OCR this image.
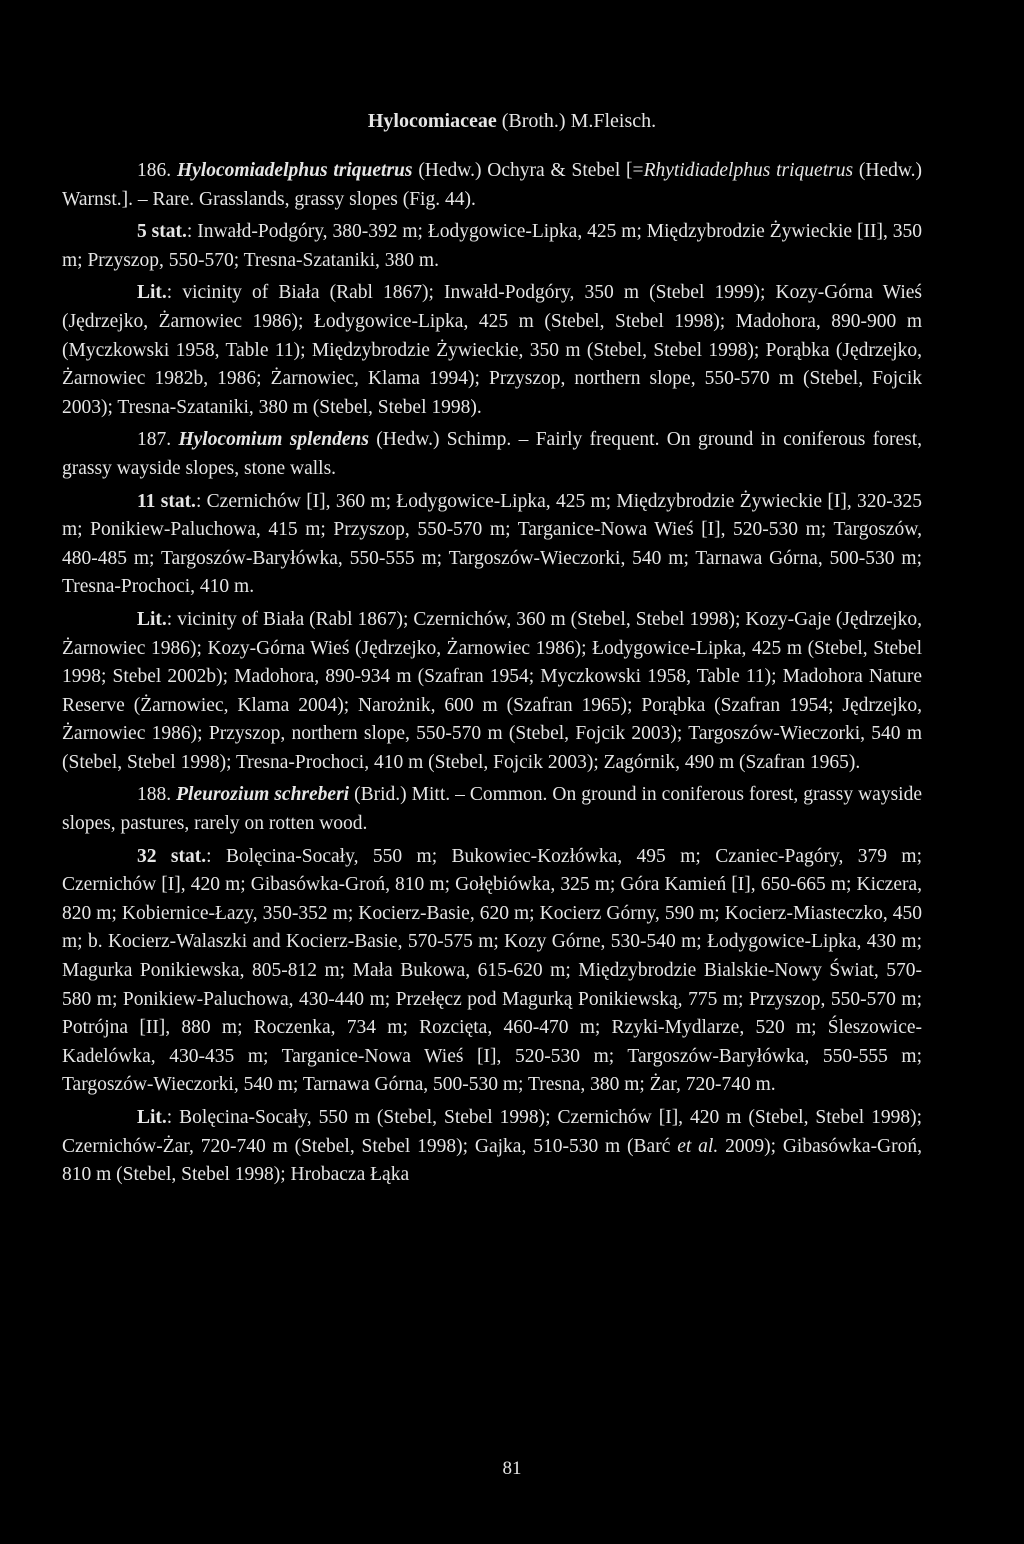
Hylocomiaceae (Broth.) M.Fleisch.

186. Hylocomiadelphus triquetrus (Hedw.) Ochyra & Stebel [=Rhytidiadelphus triquetrus (Hedw.) Warnst.]. – Rare. Grasslands, grassy slopes (Fig. 44).

5 stat.: Inwałd-Podgóry, 380-392 m; Łodygowice-Lipka, 425 m; Międzybrodzie Żywieckie [II], 350 m; Przyszop, 550-570; Tresna-Szataniki, 380 m.

Lit.: vicinity of Biała (Rabl 1867); Inwałd-Podgóry, 350 m (Stebel 1999); Kozy-Górna Wieś (Jędrzejko, Żarnowiec 1986); Łodygowice-Lipka, 425 m (Stebel, Stebel 1998); Madohora, 890-900 m (Myczkowski 1958, Table 11); Międzybrodzie Żywieckie, 350 m (Stebel, Stebel 1998); Porąbka (Jędrzejko, Żarnowiec 1982b, 1986; Żarnowiec, Klama 1994); Przyszop, northern slope, 550-570 m (Stebel, Fojcik 2003); Tresna-Szataniki, 380 m (Stebel, Stebel 1998).

187. Hylocomium splendens (Hedw.) Schimp. – Fairly frequent. On ground in coniferous forest, grassy wayside slopes, stone walls.

11 stat.: Czernichów [I], 360 m; Łodygowice-Lipka, 425 m; Międzybrodzie Żywieckie [I], 320-325 m; Ponikiew-Paluchowa, 415 m; Przyszop, 550-570 m; Targanice-Nowa Wieś [I], 520-530 m; Targoszów, 480-485 m; Targoszów-Baryłówka, 550-555 m; Targoszów-Wieczorki, 540 m; Tarnawa Górna, 500-530 m; Tresna-Prochoci, 410 m.

Lit.: vicinity of Biała (Rabl 1867); Czernichów, 360 m (Stebel, Stebel 1998); Kozy-Gaje (Jędrzejko, Żarnowiec 1986); Kozy-Górna Wieś (Jędrzejko, Żarnowiec 1986); Łodygowice-Lipka, 425 m (Stebel, Stebel 1998; Stebel 2002b); Madohora, 890-934 m (Szafran 1954; Myczkowski 1958, Table 11); Madohora Nature Reserve (Żarnowiec, Klama 2004); Narożnik, 600 m (Szafran 1965); Porąbka (Szafran 1954; Jędrzejko, Żarnowiec 1986); Przyszop, northern slope, 550-570 m (Stebel, Fojcik 2003); Targoszów-Wieczorki, 540 m (Stebel, Stebel 1998); Tresna-Prochoci, 410 m (Stebel, Fojcik 2003); Zagórnik, 490 m (Szafran 1965).

188. Pleurozium schreberi (Brid.) Mitt. – Common. On ground in coniferous forest, grassy wayside slopes, pastures, rarely on rotten wood.

32 stat.: Bolęcina-Socały, 550 m; Bukowiec-Kozłówka, 495 m; Czaniec-Pagóry, 379 m; Czernichów [I], 420 m; Gibasówka-Groń, 810 m; Gołębiówka, 325 m; Góra Kamień [I], 650-665 m; Kiczera, 820 m; Kobiernice-Łazy, 350-352 m; Kocierz-Basie, 620 m; Kocierz Górny, 590 m; Kocierz-Miasteczko, 450 m; b. Kocierz-Walaszki and Kocierz-Basie, 570-575 m; Kozy Górne, 530-540 m; Łodygowice-Lipka, 430 m; Magurka Ponikiewska, 805-812 m; Mała Bukowa, 615-620 m; Międzybrodzie Bialskie-Nowy Świat, 570-580 m; Ponikiew-Paluchowa, 430-440 m; Przełęcz pod Magurką Ponikiewską, 775 m; Przyszop, 550-570 m; Potrójna [II], 880 m; Roczenka, 734 m; Rozcięta, 460-470 m; Rzyki-Mydlarze, 520 m; Śleszowice-Kadelówka, 430-435 m; Targanice-Nowa Wieś [I], 520-530 m; Targoszów-Baryłówka, 550-555 m; Targoszów-Wieczorki, 540 m; Tarnawa Górna, 500-530 m; Tresna, 380 m; Żar, 720-740 m.

Lit.: Bolęcina-Socały, 550 m (Stebel, Stebel 1998); Czernichów [I], 420 m (Stebel, Stebel 1998); Czernichów-Żar, 720-740 m (Stebel, Stebel 1998); Gajka, 510-530 m (Barć et al. 2009); Gibasówka-Groń, 810 m (Stebel, Stebel 1998); Hrobacza Łąka

81
